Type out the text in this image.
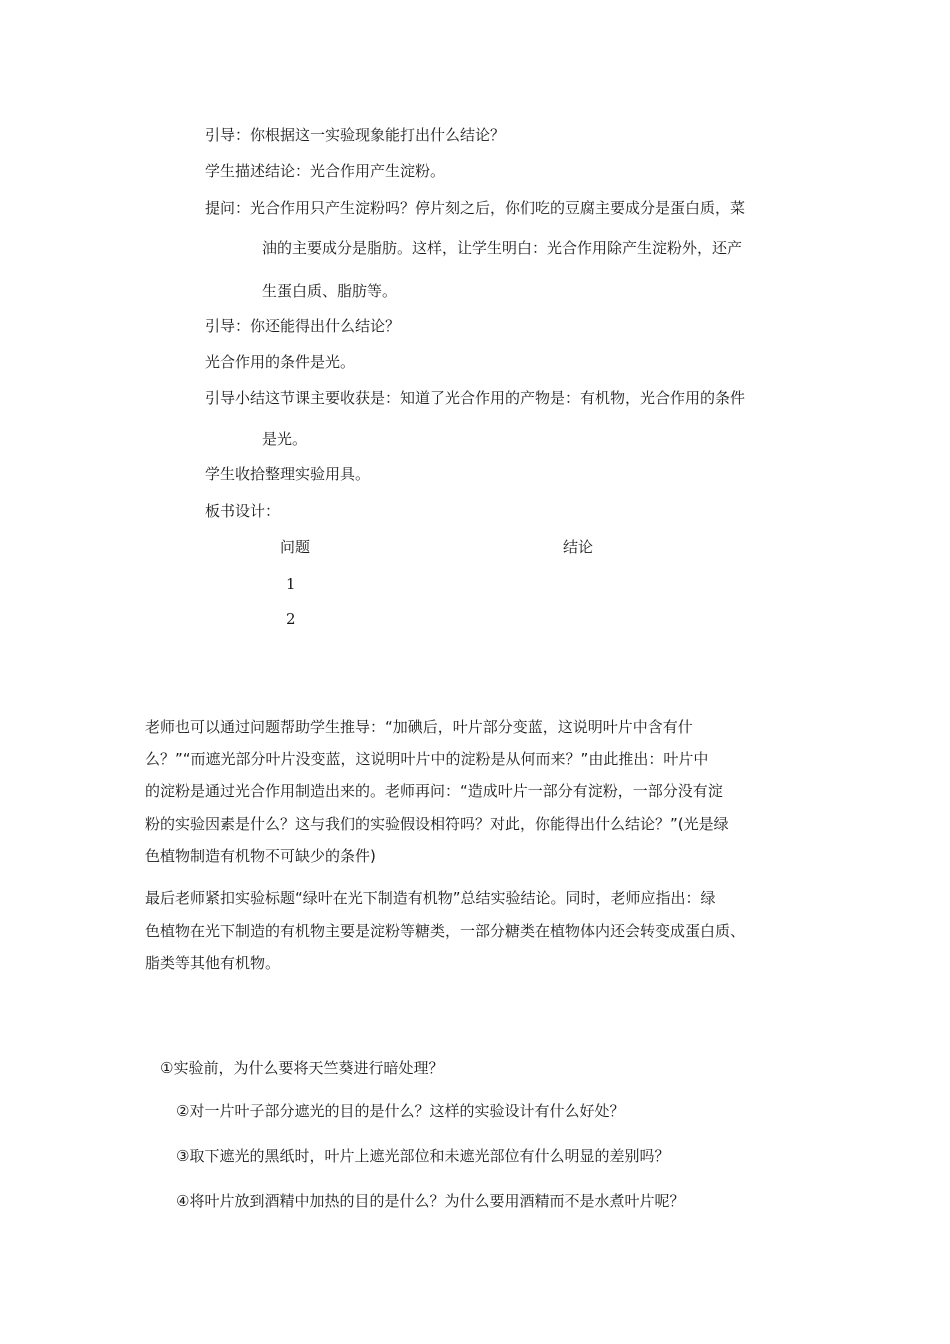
引导：你根据这一实验现象能打出什么结论？
学生描述结论：光合作用产生淀粉。
提问：光合作用只产生淀粉吗？停片刻之后，你们吃的豆腐主要成分是蛋白质，菜
油的主要成分是脂肪。这样，让学生明白：光合作用除产生淀粉外，还产
生蛋白质、脂肪等。
引导：你还能得出什么结论？
光合作用的条件是光。
引导小结这节课主要收获是：知道了光合作用的产物是：有机物，光合作用的条件
是光。
学生收拾整理实验用具。
板书设计：
问题	结论
1
2
老师也可以通过问题帮助学生推导：“加碘后，叶片部分变蓝，这说明叶片中含有什
么？”“而遮光部分叶片没变蓝，这说明叶片中的淀粉是从何而来？”由此推出：叶片中
的淀粉是通过光合作用制造出来的。老师再问：“造成叶片一部分有淀粉，一部分没有淀
粉的实验因素是什么？这与我们的实验假设相符吗？对此，你能得出什么结论？”(光是绿
色植物制造有机物不可缺少的条件)
最后老师紧扣实验标题“绿叶在光下制造有机物”总结实验结论。同时，老师应指出：绿
色植物在光下制造的有机物主要是淀粉等糖类，一部分糖类在植物体内还会转变成蛋白质、
脂类等其他有机物。
①实验前，为什么要将天竺葵进行暗处理？
②对一片叶子部分遮光的目的是什么？这样的实验设计有什么好处？
③取下遮光的黑纸时，叶片上遮光部位和未遮光部位有什么明显的差别吗？
④将叶片放到酒精中加热的目的是什么？为什么要用酒精而不是水煮叶片呢？
